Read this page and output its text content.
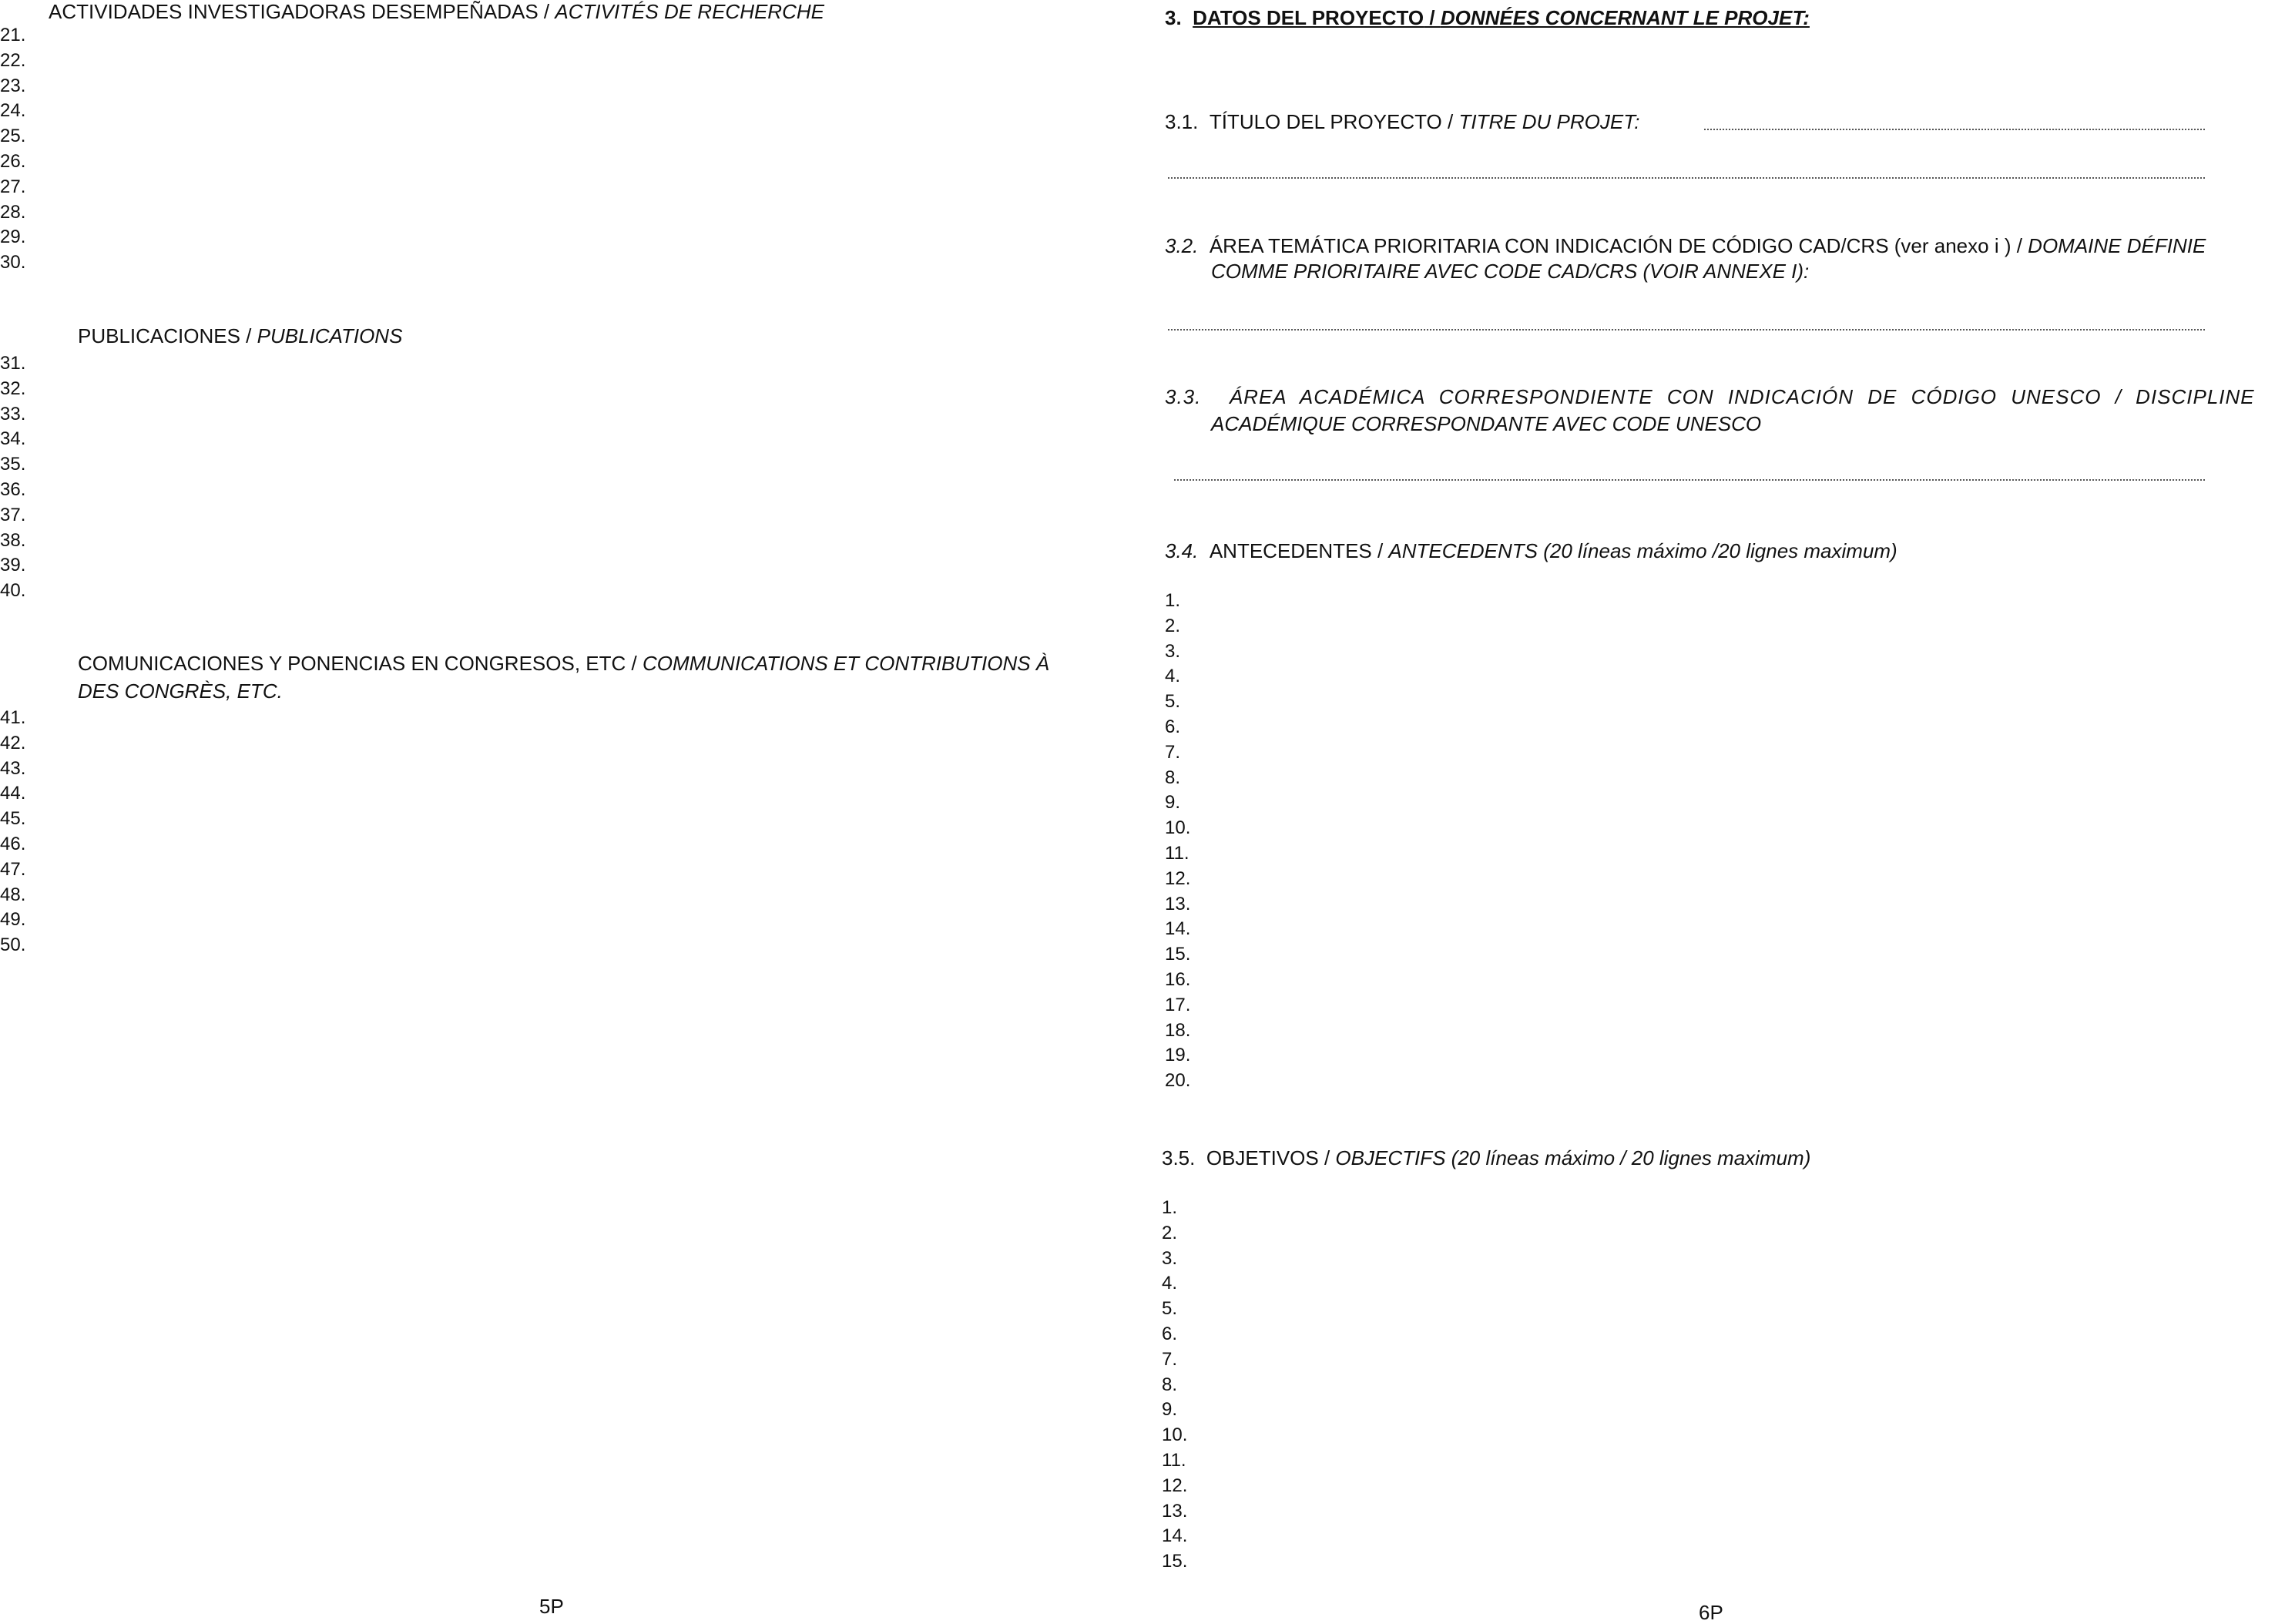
ACTIVIDADES INVESTIGADORAS DESEMPEÑADAS / ACTIVITÉS DE RECHERCHE
PUBLICACIONES / PUBLICATIONS
COMUNICACIONES Y PONENCIAS EN CONGRESOS, ETC / COMMUNICATIONS ET CONTRIBUTIONS À
DES CONGRÈS, ETC.
5P
3. DATOS DEL PROYECTO / DONNÉES CONCERNANT LE PROJET:
3.1. TÍTULO DEL PROYECTO / TITRE DU PROJET:
3.2. ÁREA TEMÁTICA PRIORITARIA CON INDICACIÓN DE CÓDIGO CAD/CRS (ver anexo i ) / DOMAINE DÉFINIE
COMME PRIORITAIRE AVEC CODE CAD/CRS (VOIR ANNEXE I):
3.3. ÁREA ACADÉMICA CORRESPONDIENTE CON INDICACIÓN DE CÓDIGO UNESCO / DISCIPLINE
ACADÉMIQUE CORRESPONDANTE AVEC CODE UNESCO
3.4. ANTECEDENTES / ANTECEDENTS (20 líneas máximo /20 lignes maximum)
3.5. OBJETIVOS / OBJECTIFS (20 líneas máximo / 20 lignes maximum)
6P
21.
22.
23.
24.
25.
26.
27.
28.
29.
30.
31.
32.
33.
34.
35.
36.
37.
38.
39.
40.
41.
42.
43.
44.
45.
46.
47.
48.
49.
50.
1.
2.
3.
4.
5.
6.
7.
8.
9.
10.
11.
12.
13.
14.
15.
16.
17.
18.
19.
20.
1.
2.
3.
4.
5.
6.
7.
8.
9.
10.
11.
12.
13.
14.
15.
